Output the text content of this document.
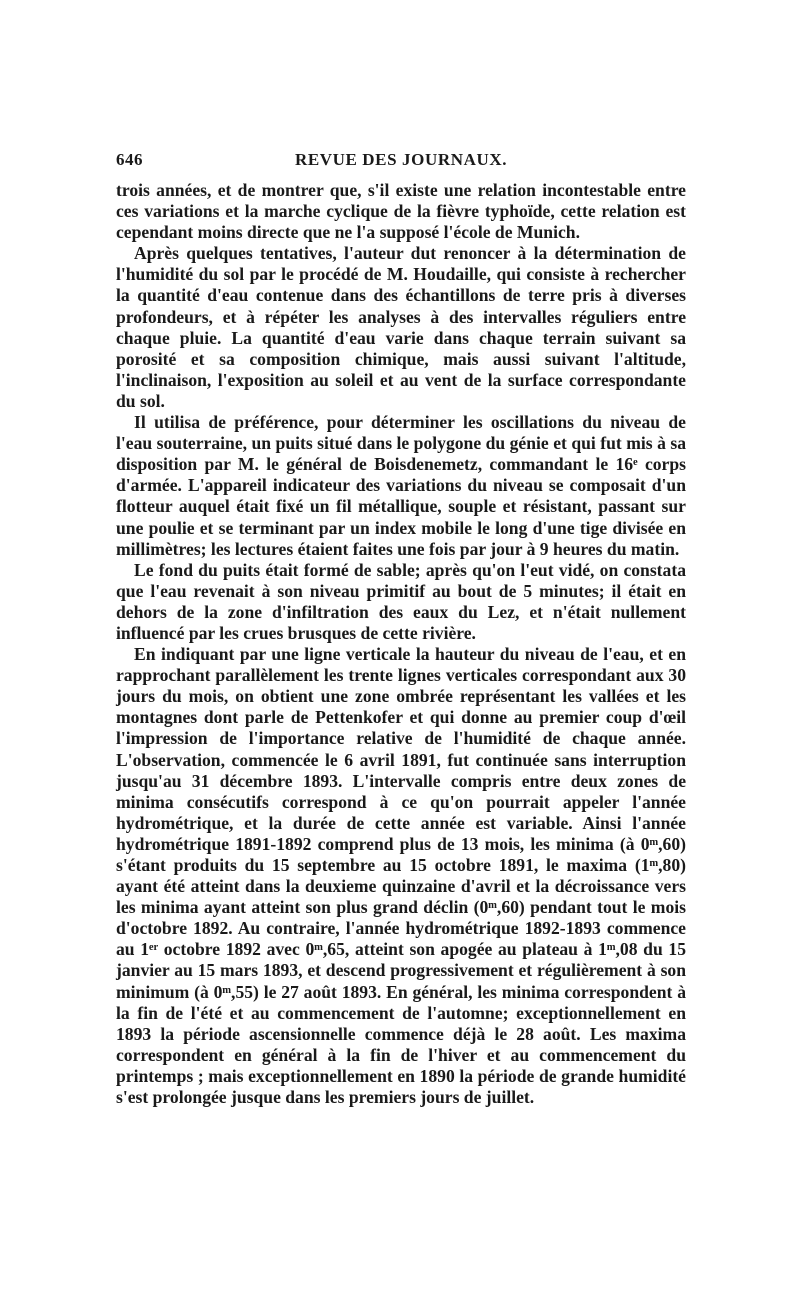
646	REVUE DES JOURNAUX.

trois années, et de montrer que, s'il existe une relation incontestable entre ces variations et la marche cyclique de la fièvre typhoïde, cette relation est cependant moins directe que ne l'a supposé l'école de Munich.

Après quelques tentatives, l'auteur dut renoncer à la détermination de l'humidité du sol par le procédé de M. Houdaille, qui consiste à rechercher la quantité d'eau contenue dans des échantillons de terre pris à diverses profondeurs, et à répéter les analyses à des intervalles réguliers entre chaque pluie. La quantité d'eau varie dans chaque terrain suivant sa porosité et sa composition chimique, mais aussi suivant l'altitude, l'inclinaison, l'exposition au soleil et au vent de la surface correspondante du sol.

Il utilisa de préférence, pour déterminer les oscillations du niveau de l'eau souterraine, un puits situé dans le polygone du génie et qui fut mis à sa disposition par M. le général de Boisdenemetz, commandant le 16ᵉ corps d'armée. L'appareil indicateur des variations du niveau se composait d'un flotteur auquel était fixé un fil métallique, souple et résistant, passant sur une poulie et se terminant par un index mobile le long d'une tige divisée en millimètres; les lectures étaient faites une fois par jour à 9 heures du matin.

Le fond du puits était formé de sable; après qu'on l'eut vidé, on constata que l'eau revenait à son niveau primitif au bout de 5 minutes; il était en dehors de la zone d'infiltration des eaux du Lez, et n'était nullement influencé par les crues brusques de cette rivière.

En indiquant par une ligne verticale la hauteur du niveau de l'eau, et en rapprochant parallèlement les trente lignes verticales correspondant aux 30 jours du mois, on obtient une zone ombrée représentant les vallées et les montagnes dont parle de Pettenkofer et qui donne au premier coup d'œil l'impression de l'importance relative de l'humidité de chaque année. L'observation, commencée le 6 avril 1891, fut continuée sans interruption jusqu'au 31 décembre 1893. L'intervalle compris entre deux zones de minima consécutifs correspond à ce qu'on pourrait appeler l'année hydrométrique, et la durée de cette année est variable. Ainsi l'année hydrométrique 1891-1892 comprend plus de 13 mois, les minima (à 0ᵐ,60) s'étant produits du 15 septembre au 15 octobre 1891, le maxima (1ᵐ,80) ayant été atteint dans la deuxieme quinzaine d'avril et la décroissance vers les minima ayant atteint son plus grand déclin (0ᵐ,60) pendant tout le mois d'octobre 1892. Au contraire, l'année hydrométrique 1892-1893 commence au 1ᵉʳ octobre 1892 avec 0ᵐ,65, atteint son apogée au plateau à 1ᵐ,08 du 15 janvier au 15 mars 1893, et descend progressivement et régulièrement à son minimum (à 0ᵐ,55) le 27 août 1893. En général, les minima correspondent à la fin de l'été et au commencement de l'automne; exceptionnellement en 1893 la période ascensionnelle commence déjà le 28 août. Les maxima correspondent en général à la fin de l'hiver et au commencement du printemps ; mais exceptionnellement en 1890 la période de grande humidité s'est prolongée jusque dans les premiers jours de juillet.
